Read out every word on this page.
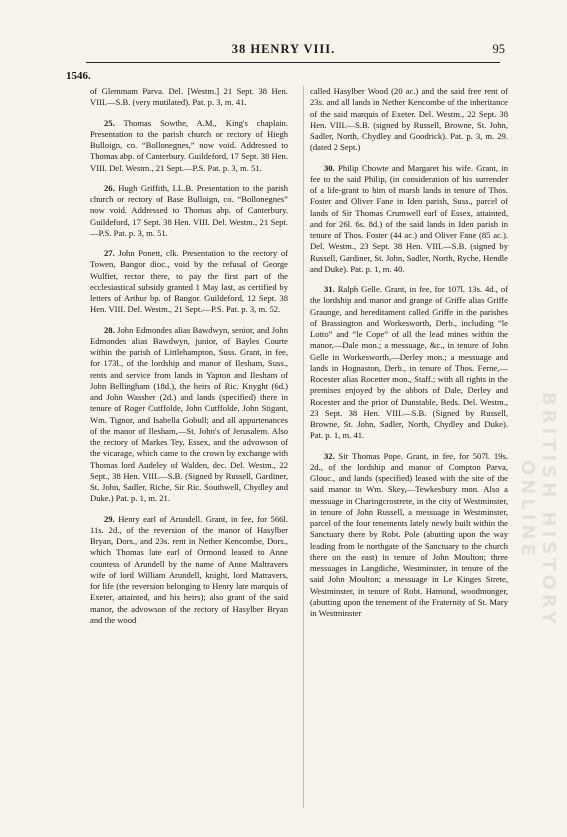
38 HENRY VIII.	95
1546.

of Glemmam Parva. Del. [Westm.] 21 Sept. 38 Hen. VIII.—S.B. (very mutilated). Pat. p. 3, m. 41.

25. Thomas Sowthe, A.M., King's chaplain. Presentation to the parish church or rectory of Hiegh Bulloign, co. “Bollonegnes,” now void. Addressed to Thomas abp. of Canterbury. Guildeford, 17 Sept. 38 Hen. VIII. Del. Westm., 21 Sept.—P.S. Pat. p. 3, m. 51.

26. Hugh Griffith, LL.B. Presentation to the parish church or rectory of Base Bulloign, co. “Bollonegnes” now void. Addressed to Thomas abp. of Canterbury. Guildeford, 17 Sept. 38 Hen. VIII. Del. Westm., 21 Sept.—P.S. Pat. p. 3, m. 51.

27. John Ponett, clk. Presentation to the rectory of Towen, Bangor dioc., void by the refusal of George Wulfiet, rector there, to pay the first part of the ecclesiastical subsidy granted 1 May last, as certified by letters of Arthur bp. of Bangor. Guildeford, 12 Sept. 38 Hen. VIII. Del. Westm., 21 Sept.—P.S. Pat. p. 3, m. 52.

28. John Edmondes alias Bawdwyn, senior, and John Edmondes alias Bawdwyn, junior, of Bayles Courte within the parish of Littlehampton, Suss. Grant, in fee, for 173l., of the lordship and manor of Ilesham, Suss., rents and service from lands in Yapton and Ilesham of John Bellingham (18d.), the heirs of Ric. Knyght (6d.) and John Wassher (2d.) and lands (specified) there in tenure of Roger Cutffolde, John Cutffolde, John Stigant, Wm. Tignor, and Isabella Gobull; and all appurtenances of the manor of Ilesham,—St. John's of Jerusalem. Also the rectory of Markes Tey, Essex, and the advowson of the vicarage, which came to the crown by exchange with Thomas lord Audeley of Walden, dec. Del. Westm., 22 Sept., 38 Hen. VIII.—S.B. (Signed by Russell, Gardiner, St. John, Sadler, Riche, Sir Ric. Southwell, Chydley and Duke.) Pat. p. 1, m. 21.

29. Henry earl of Arundell. Grant, in fee, for 566l. 11s. 2d., of the reversion of the manor of Hasylber Bryan, Dors., and 23s. rent in Nether Kencombe, Dors., which Thomas late earl of Ormond leased to Anne countess of Arundell by the name of Anne Maltravers wife of lord William Arundell, knight, lord Matravers, for life (the reversion belonging to Henry late marquis of Exeter, attainted, and his heirs); also grant of the said manor, the advowson of the rectory of Hasylber Bryan and the wood

called Hasylber Wood (20 ac.) and the said free rent of 23s. and all lands in Nether Kencombe of the inheritance of the said marquis of Exeter. Del. Westm., 22 Sept. 38 Hen. VIII.—S.B. (signed by Russell, Browne, St. John, Sadler, North, Chydley and Goodrick). Pat. p. 3, m. 29. (dated 2 Sept.)

30. Philip Chowte and Margaret his wife. Grant, in fee to the said Philip, (in consideration of his surrender of a life-grant to him of marsh lands in tenure of Thos. Foster and Oliver Fane in Iden parish, Suss., parcel of lands of Sir Thomas Crumwell earl of Essex, attainted, and for 26l. 6s. 8d.) of the said lands in Iden parish in tenure of Thos. Foster (44 ac.) and Oliver Fane (85 ac.). Del. Westm., 23 Sept. 38 Hen. VIII.—S.B. (signed by Russell, Gardiner, St. John, Sadler, North, Ryche, Hendle and Duke). Pat. p. 1, m. 40.

31. Ralph Gelle. Grant, in fee, for 107l. 13s. 4d., of the lordship and manor and grange of Griffe alias Griffe Graunge, and hereditament called Griffe in the parishes of Brassington and Workesworth, Derb., including “le Lotto” and “le Cope” of all the lead mines within the manor,—Dale mon.; a messuage, &c., in tenure of John Gelle in Workesworth,—Derley mon.; a messuage and lands in Hognaston, Derb., in tenure of Thos. Ferne,—Rocester alias Rocetter mon., Staff.; with all rights in the premises enjoyed by the abbots of Dale, Derley and Rocester and the prior of Dunstable, Beds. Del. Westm., 23 Sept. 38 Hen. VIII.—S.B. (Signed by Russell, Browne, St. John, Sadler, North, Chydley and Duke). Pat. p. 1, m. 41.

32. Sir Thomas Pope. Grant, in fee, for 507l. 19s. 2d., of the lordship and manor of Compton Parva, Glouc., and lands (specified) leased with the site of the said manor to Wm. Skey,—Tewkesbury mon. Also a messuage in Charingcrostrete, in the city of Westminster, in tenure of John Russell, a messuage in Westminster, parcel of the four tenements lately newly built within the Sanctuary there by Robt. Pole (abutting upon the way leading from le northgate of the Sanctuary to the church there on the east) in tenure of John Moulton; three messuages in Langdiche, Westminster, in tenure of the said John Moulton; a messuage in Le Kinges Strete, Westminster, in tenure of Robt. Hamond, woodmonger, (abutting upon the tenement of the Fraternity of St. Mary in Westminster	BRITISH HISTORY ONLINE
